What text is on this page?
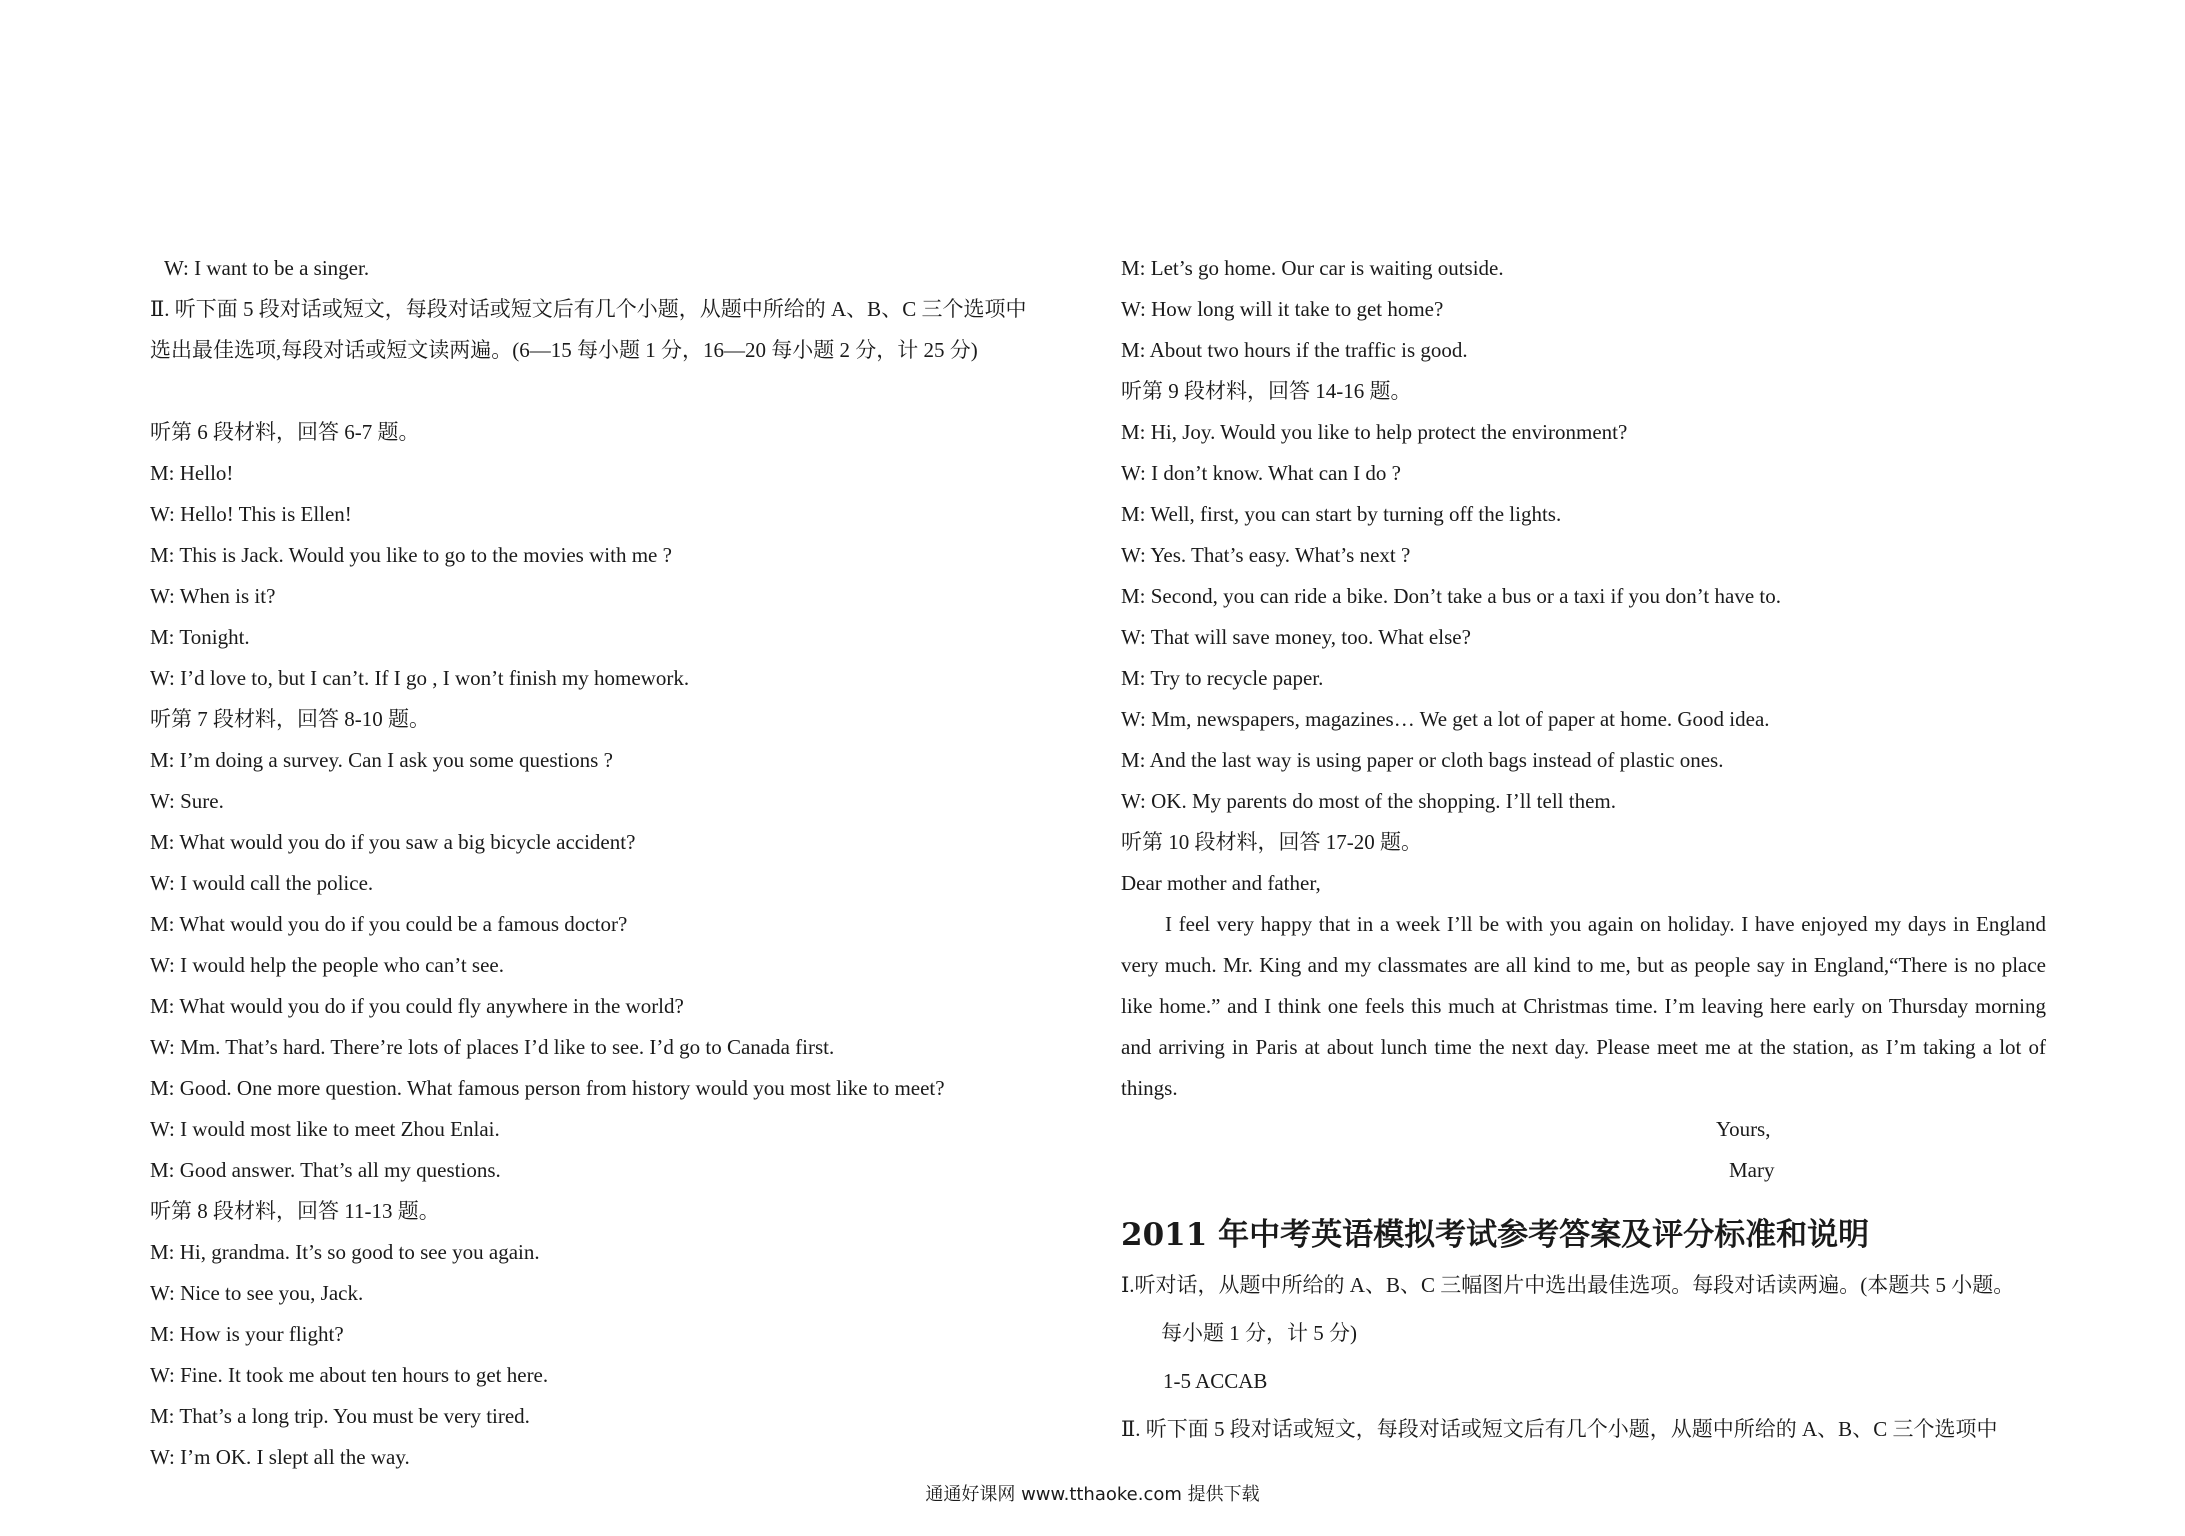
W: I want to be a singer.
Ⅱ. 听下面 5 段对话或短文，每段对话或短文后有几个小题，从题中所给的 A、B、C 三个选项中
选出最佳选项,每段对话或短文读两遍。(6—15 每小题 1 分，16—20 每小题 2 分，计 25 分)
听第 6 段材料，回答 6-7 题。
M: Hello!
W: Hello! This is Ellen!
M: This is Jack. Would you like to go to the movies with me ?
W: When is it?
M: Tonight.
W: I’d love to, but I can’t. If I go , I won’t finish my homework.
听第 7 段材料，回答 8-10 题。
M: I’m doing a survey. Can I ask you some questions ?
W: Sure.
M: What would you do if you saw a big bicycle accident?
W: I would call the police.
M: What would you do if you could be a famous doctor?
W: I would help the people who can’t see.
M: What would you do if you could fly anywhere in the world?
W: Mm. That’s hard. There’re lots of places I’d like to see. I’d go to Canada first.
M: Good. One more question. What famous person from history would you most like to meet?
W: I would most like to meet Zhou Enlai.
M: Good answer. That’s all my questions.
听第 8 段材料，回答 11-13 题。
M: Hi, grandma. It’s so good to see you again.
W: Nice to see you, Jack.
M: How is your flight?
W: Fine. It took me about ten hours to get here.
M: That’s a long trip. You must be very tired.
W: I’m OK. I slept all the way.
M: Let’s go home. Our car is waiting outside.
W: How long will it take to get home?
M: About two hours if the traffic is good.
听第 9 段材料，回答 14-16 题。
M: Hi, Joy. Would you like to help protect the environment?
W: I don’t know. What can I do ?
M: Well, first, you can start by turning off the lights.
W: Yes. That’s easy. What’s next ?
M: Second, you can ride a bike. Don’t take a bus or a taxi if you don’t have to.
W: That will save money, too. What else?
M: Try to recycle paper.
W: Mm, newspapers, magazines… We get a lot of paper at home. Good idea.
M: And the last way is using paper or cloth bags instead of plastic ones.
W: OK. My parents do most of the shopping. I’ll tell them.
听第 10 段材料，回答 17-20 题。
Dear mother and father,
I feel very happy that in a week I’ll be with you again on holiday. I have enjoyed my days in England very much. Mr. King and my classmates are all kind to me, but as people say in England,“There is no place like home.” and I think one feels this much at Christmas time. I’m leaving here early on Thursday morning and arriving in Paris at about lunch time the next day. Please meet me at the station, as I’m taking a lot of things.
Yours,
Mary
2011 年中考英语模拟考试参考答案及评分标准和说明
Ⅰ.听对话，从题中所给的 A、B、C 三幅图片中选出最佳选项。每段对话读两遍。(本题共 5 小题。
每小题 1 分，计 5 分)
1-5 ACCAB
Ⅱ. 听下面 5 段对话或短文，每段对话或短文后有几个小题，从题中所给的 A、B、C 三个选项中
通通好课网 www.tthaoke.com 提供下载
